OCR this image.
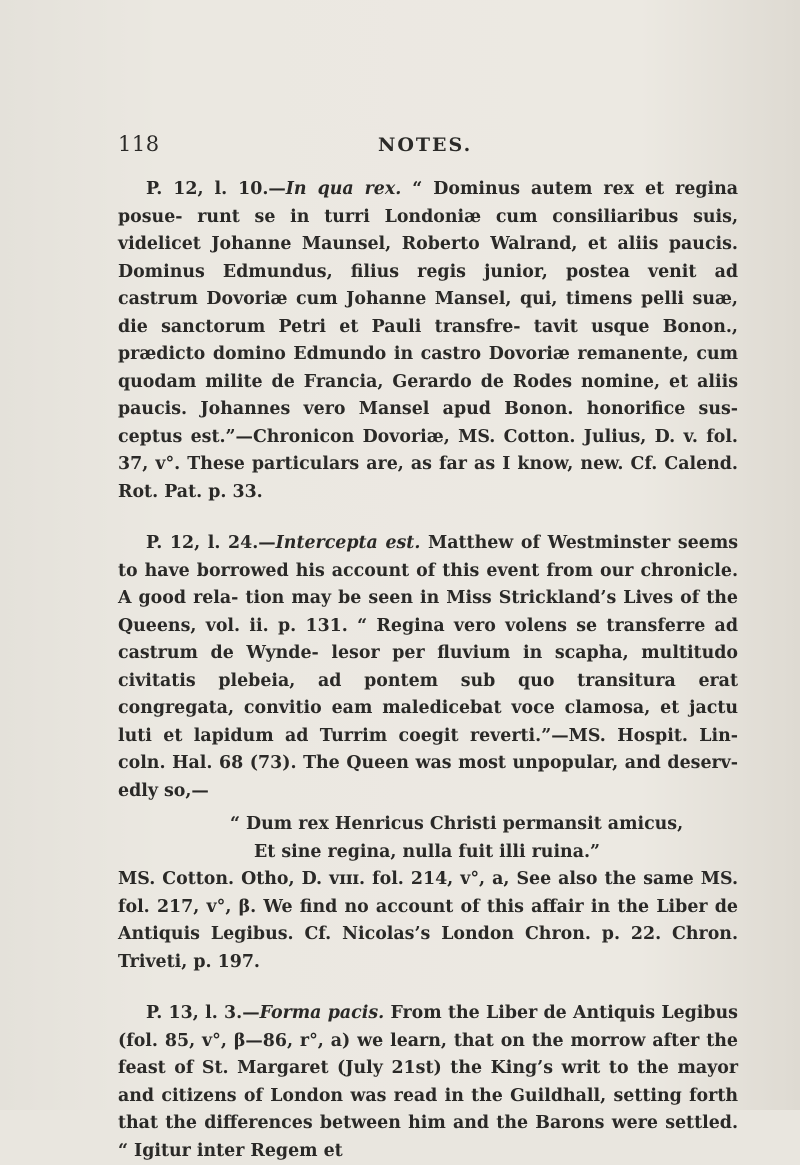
118	NOTES.

P. 12, l. 10.—In qua rex. “ Dominus autem rex et regina posue- runt se in turri Londoniæ cum consiliaribus suis, videlicet Johanne Maunsel, Roberto Walrand, et aliis paucis. Dominus Edmundus, filius regis junior, postea venit ad castrum Dovoriæ cum Johanne Mansel, qui, timens pelli suæ, die sanctorum Petri et Pauli transfre- tavit usque Bonon., prædicto domino Edmundo in castro Dovoriæ remanente, cum quodam milite de Francia, Gerardo de Rodes nomine, et aliis paucis. Johannes vero Mansel apud Bonon. honorifice sus- ceptus est.”—Chronicon Dovoriæ, MS. Cotton. Julius, D. v. fol. 37, v°. These particulars are, as far as I know, new. Cf. Calend. Rot. Pat. p. 33.

P. 12, l. 24.—Intercepta est. Matthew of Westminster seems to have borrowed his account of this event from our chronicle. A good rela- tion may be seen in Miss Strickland’s Lives of the Queens, vol. ii. p. 131. “ Regina vero volens se transferre ad castrum de Wynde- lesor per fluvium in scapha, multitudo civitatis plebeia, ad pontem sub quo transitura erat congregata, convitio eam maledicebat voce clamosa, et jactu luti et lapidum ad Turrim coegit reverti.”—MS. Hospit. Lin- coln. Hal. 68 (73). The Queen was most unpopular, and deserv- edly so,—

“ Dum rex Henricus Christi permansit amicus,
Et sine regina, nulla fuit illi ruina.”

MS. Cotton. Otho, D. vɪɪɪ. fol. 214, v°, a, See also the same MS. fol. 217, v°, β. We find no account of this affair in the Liber de Antiquis Legibus. Cf. Nicolas’s London Chron. p. 22. Chron. Triveti, p. 197.

P. 13, l. 3.—Forma pacis. From the Liber de Antiquis Legibus (fol. 85, v°, β—86, r°, a) we learn, that on the morrow after the feast of St. Margaret (July 21st) the King’s writ to the mayor and citizens of London was read in the Guildhall, setting forth that the differences between him and the Barons were settled. “ Igitur inter Regem et
